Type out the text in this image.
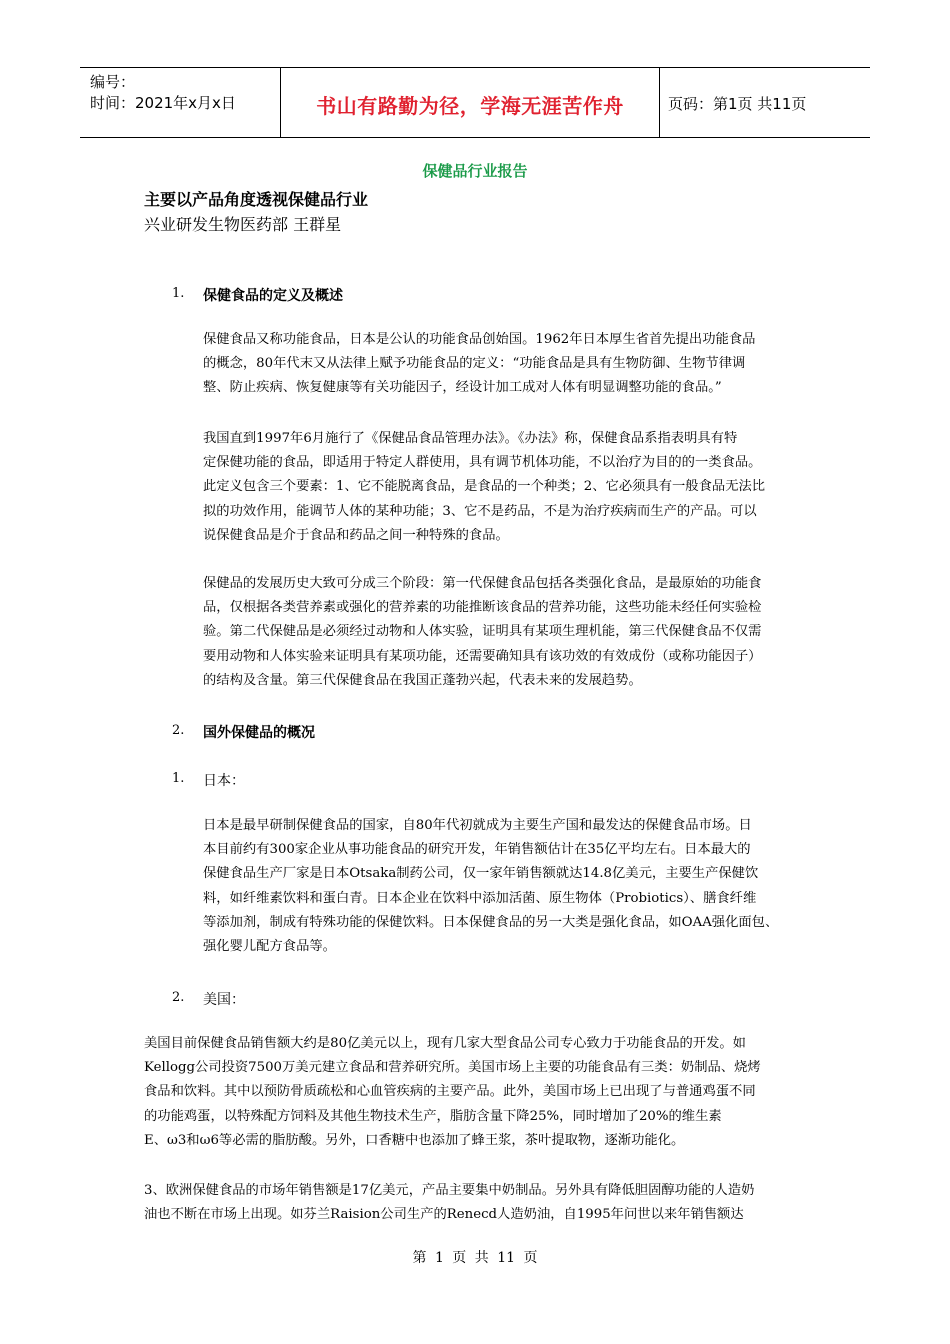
编号：
时间：2021年x月x日	书山有路勤为径，学海无涯苦作舟	页码：第1页 共11页
保健品行业报告
主要以产品角度透视保健品行业
兴业研发生物医药部 王群星
1. 保健食品的定义及概述
保健食品又称功能食品，日本是公认的功能食品创始国。1962年日本厚生省首先提出功能食品
的概念，80年代末又从法律上赋予功能食品的定义：“功能食品是具有生物防御、生物节律调
整、防止疾病、恢复健康等有关功能因子，经设计加工成对人体有明显调整功能的食品。”
我国直到1997年6月施行了《保健品食品管理办法》。《办法》称，保健食品系指表明具有特
定保健功能的食品，即适用于特定人群使用，具有调节机体功能，不以治疗为目的的一类食品。
此定义包含三个要素：1、它不能脱离食品，是食品的一个种类；2、它必须具有一般食品无法比
拟的功效作用，能调节人体的某种功能；3、它不是药品，不是为治疗疾病而生产的产品。可以
说保健食品是介于食品和药品之间一种特殊的食品。
保健品的发展历史大致可分成三个阶段：第一代保健食品包括各类强化食品，是最原始的功能食
品，仅根据各类营养素或强化的营养素的功能推断该食品的营养功能，这些功能未经任何实验检
验。第二代保健品是必须经过动物和人体实验，证明具有某项生理机能，第三代保健食品不仅需
要用动物和人体实验来证明具有某项功能，还需要确知具有该功效的有效成份（或称功能因子）
的结构及含量。第三代保健食品在我国正蓬勃兴起，代表未来的发展趋势。
2. 国外保健品的概况
1. 日本：
日本是最早研制保健食品的国家，自80年代初就成为主要生产国和最发达的保健食品市场。日
本目前约有300家企业从事功能食品的研究开发，年销售额估计在35亿平均左右。日本最大的
保健食品生产厂家是日本Otsaka制药公司，仅一家年销售额就达14.8亿美元，主要生产保健饮
料，如纤维素饮料和蛋白青。日本企业在饮料中添加活菌、原生物体（Probiotics）、膳食纤维
等添加剂，制成有特殊功能的保健饮料。日本保健食品的另一大类是强化食品，如OAA强化面包、
强化婴儿配方食品等。
2. 美国：
美国目前保健食品销售额大约是80亿美元以上，现有几家大型食品公司专心致力于功能食品的开发。如
Kellogg公司投资7500万美元建立食品和营养研究所。美国市场上主要的功能食品有三类：奶制品、烧烤
食品和饮料。其中以预防骨质疏松和心血管疾病的主要产品。此外，美国市场上已出现了与普通鸡蛋不同
的功能鸡蛋，以特殊配方饲料及其他生物技术生产，脂肪含量下降25%，同时增加了20%的维生素
E、ω3和ω6等必需的脂肪酸。另外，口香糖中也添加了蜂王浆，茶叶提取物，逐渐功能化。
3、欧洲保健食品的市场年销售额是17亿美元，产品主要集中奶制品。另外具有降低胆固醇功能的人造奶
油也不断在市场上出现。如芬兰Raision公司生产的Renecd人造奶油，自1995年问世以来年销售额达
第 1 页 共 11 页
